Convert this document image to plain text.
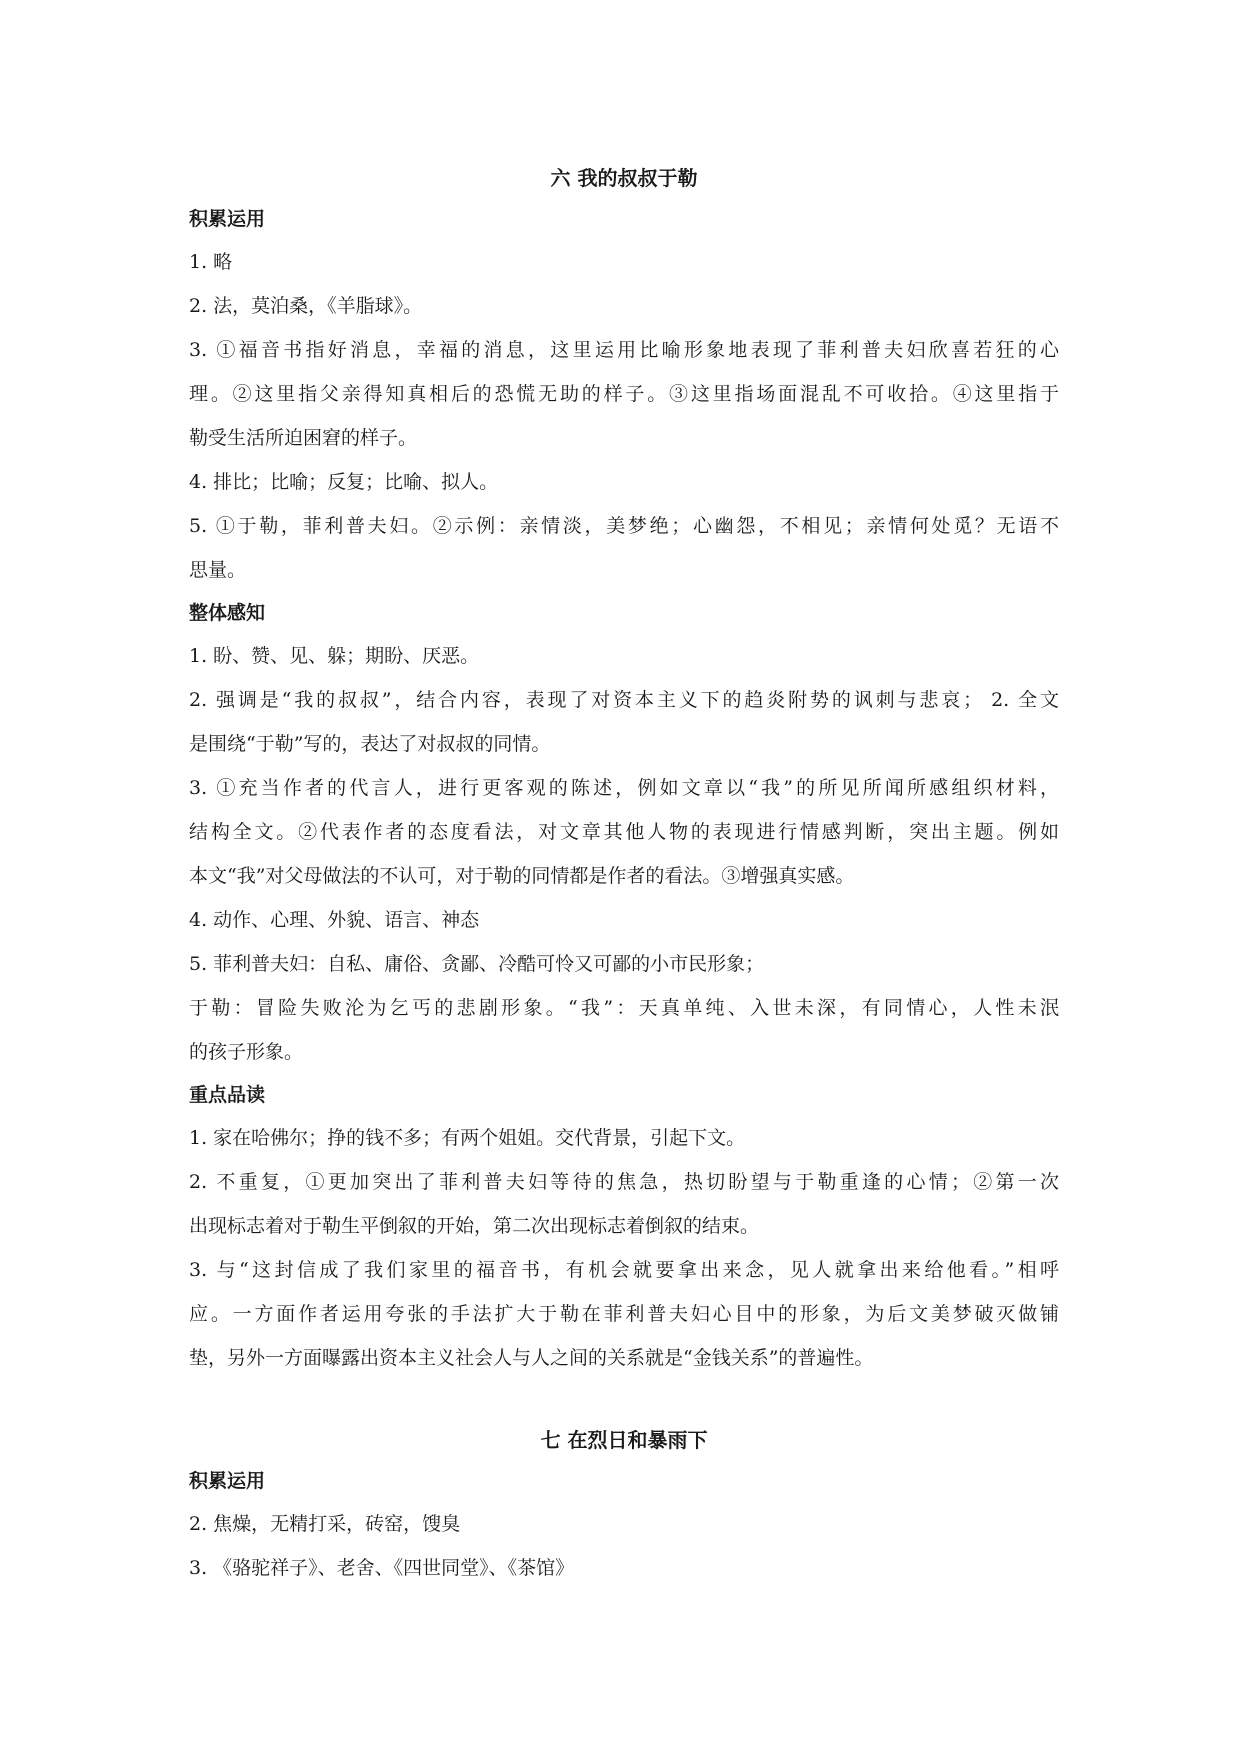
六 我的叔叔于勒
积累运用
1. 略
2. 法，莫泊桑，《羊脂球》。
3. ①福音书指好消息，幸福的消息，这里运用比喻形象地表现了菲利普夫妇欣喜若狂的心
理。②这里指父亲得知真相后的恐慌无助的样子。③这里指场面混乱不可收拾。④这里指于
勒受生活所迫困窘的样子。
4. 排比；比喻；反复；比喻、拟人。
5. ①于勒，菲利普夫妇。②示例：亲情淡，美梦绝；心幽怨，不相见；亲情何处觅？无语不
思量。
整体感知
1. 盼、赞、见、躲；期盼、厌恶。
2. 强调是“我的叔叔”，结合内容，表现了对资本主义下的趋炎附势的讽刺与悲哀； 2. 全文
是围绕“于勒”写的，表达了对叔叔的同情。
3. ①充当作者的代言人，进行更客观的陈述，例如文章以“我”的所见所闻所感组织材料，
结构全文。②代表作者的态度看法，对文章其他人物的表现进行情感判断，突出主题。例如
本文“我”对父母做法的不认可，对于勒的同情都是作者的看法。③增强真实感。
4. 动作、心理、外貌、语言、神态
5. 菲利普夫妇：自私、庸俗、贪鄙、冷酷可怜又可鄙的小市民形象；
于勒：冒险失败沦为乞丐的悲剧形象。“我”：天真单纯、入世未深，有同情心，人性未泯
的孩子形象。
重点品读
1. 家在哈佛尔；挣的钱不多；有两个姐姐。交代背景，引起下文。
2. 不重复，①更加突出了菲利普夫妇等待的焦急，热切盼望与于勒重逢的心情；②第一次
出现标志着对于勒生平倒叙的开始，第二次出现标志着倒叙的结束。
3. 与“这封信成了我们家里的福音书，有机会就要拿出来念，见人就拿出来给他看。”相呼
应。一方面作者运用夸张的手法扩大于勒在菲利普夫妇心目中的形象，为后文美梦破灭做铺
垫，另外一方面曝露出资本主义社会人与人之间的关系就是“金钱关系”的普遍性。
七 在烈日和暴雨下
积累运用
2. 焦燥，无精打采，砖窑，馊臭
3. 《骆驼祥子》、老舍、《四世同堂》、《茶馆》
